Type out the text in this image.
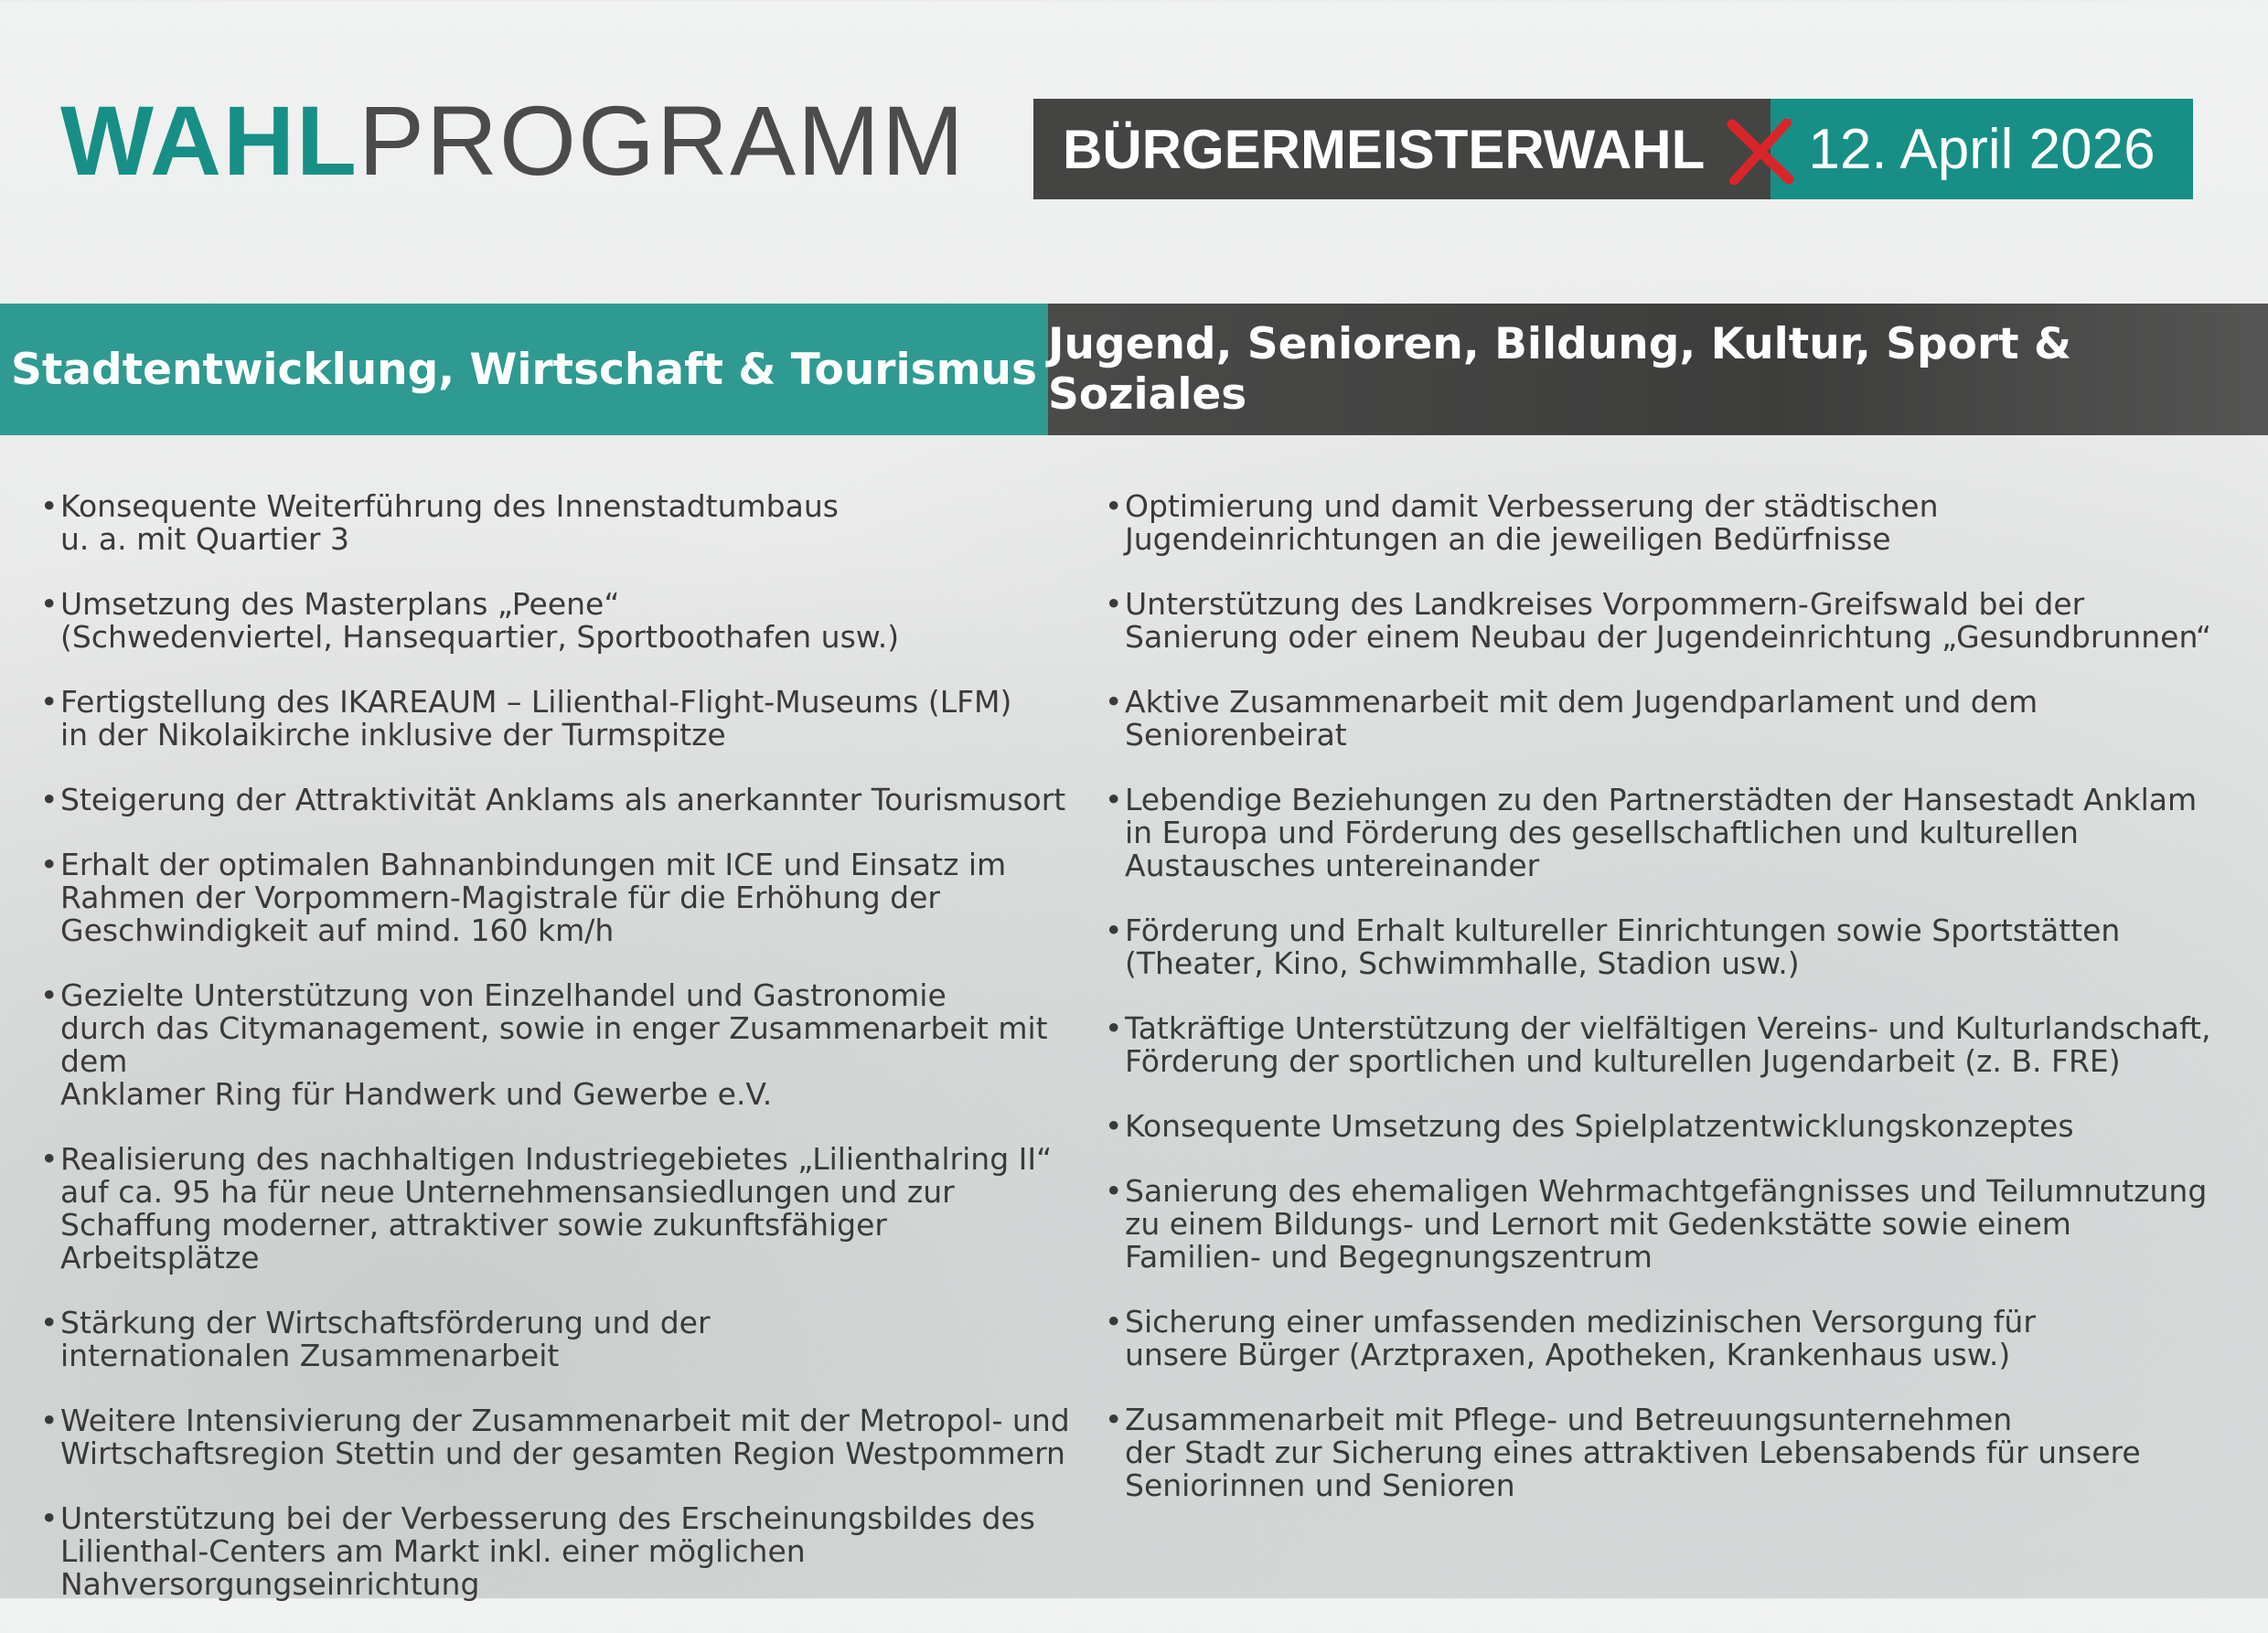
WAHLPROGRAMM BÜRGERMEISTERWAHL 12. April 2026
Stadtentwicklung, Wirtschaft & Tourismus Jugend, Senioren, Bildung, Kultur, Sport & Soziales
• Konsequente Weiterführung des Innenstadtumbaus
u. a. mit Quartier 3
• Umsetzung des Masterplans „Peene“
(Schwedenviertel, Hansequartier, Sportboothafen usw.)
• Fertigstellung des IKAREAUM – Lilienthal-Flight-Museums (LFM)
in der Nikolaikirche inklusive der Turmspitze
• Steigerung der Attraktivität Anklams als anerkannter Tourismusort
• Erhalt der optimalen Bahnanbindungen mit ICE und Einsatz im
Rahmen der Vorpommern-Magistrale für die Erhöhung der
Geschwindigkeit auf mind. 160 km/h
• Gezielte Unterstützung von Einzelhandel und Gastronomie
durch das Citymanagement, sowie in enger Zusammenarbeit mit dem
Anklamer Ring für Handwerk und Gewerbe e.V.
• Realisierung des nachhaltigen Industriegebietes „Lilienthalring II“
auf ca. 95 ha für neue Unternehmensansiedlungen und zur
Schaffung moderner, attraktiver sowie zukunftsfähiger Arbeitsplätze
• Stärkung der Wirtschaftsförderung und der
internationalen Zusammenarbeit
• Weitere Intensivierung der Zusammenarbeit mit der Metropol- und
Wirtschaftsregion Stettin und der gesamten Region Westpommern
• Unterstützung bei der Verbesserung des Erscheinungsbildes des
Lilienthal-Centers am Markt inkl. einer möglichen
Nahversorgungseinrichtung
• Optimierung und damit Verbesserung der städtischen
Jugendeinrichtungen an die jeweiligen Bedürfnisse
• Unterstützung des Landkreises Vorpommern-Greifswald bei der
Sanierung oder einem Neubau der Jugendeinrichtung „Gesundbrunnen“
• Aktive Zusammenarbeit mit dem Jugendparlament und dem Seniorenbeirat
• Lebendige Beziehungen zu den Partnerstädten der Hansestadt Anklam
in Europa und Förderung des gesellschaftlichen und kulturellen
Austausches untereinander
• Förderung und Erhalt kultureller Einrichtungen sowie Sportstätten
(Theater, Kino, Schwimmhalle, Stadion usw.)
• Tatkräftige Unterstützung der vielfältigen Vereins- und Kulturlandschaft,
Förderung der sportlichen und kulturellen Jugendarbeit (z. B. FRE)
• Konsequente Umsetzung des Spielplatzentwicklungskonzeptes
• Sanierung des ehemaligen Wehrmachtgefängnisses und Teilumnutzung
zu einem Bildungs- und Lernort mit Gedenkstätte sowie einem
Familien- und Begegnungszentrum
• Sicherung einer umfassenden medizinischen Versorgung für
unsere Bürger (Arztpraxen, Apotheken, Krankenhaus usw.)
• Zusammenarbeit mit Pflege- und Betreuungsunternehmen
der Stadt zur Sicherung eines attraktiven Lebensabends für unsere
Seniorinnen und Senioren
